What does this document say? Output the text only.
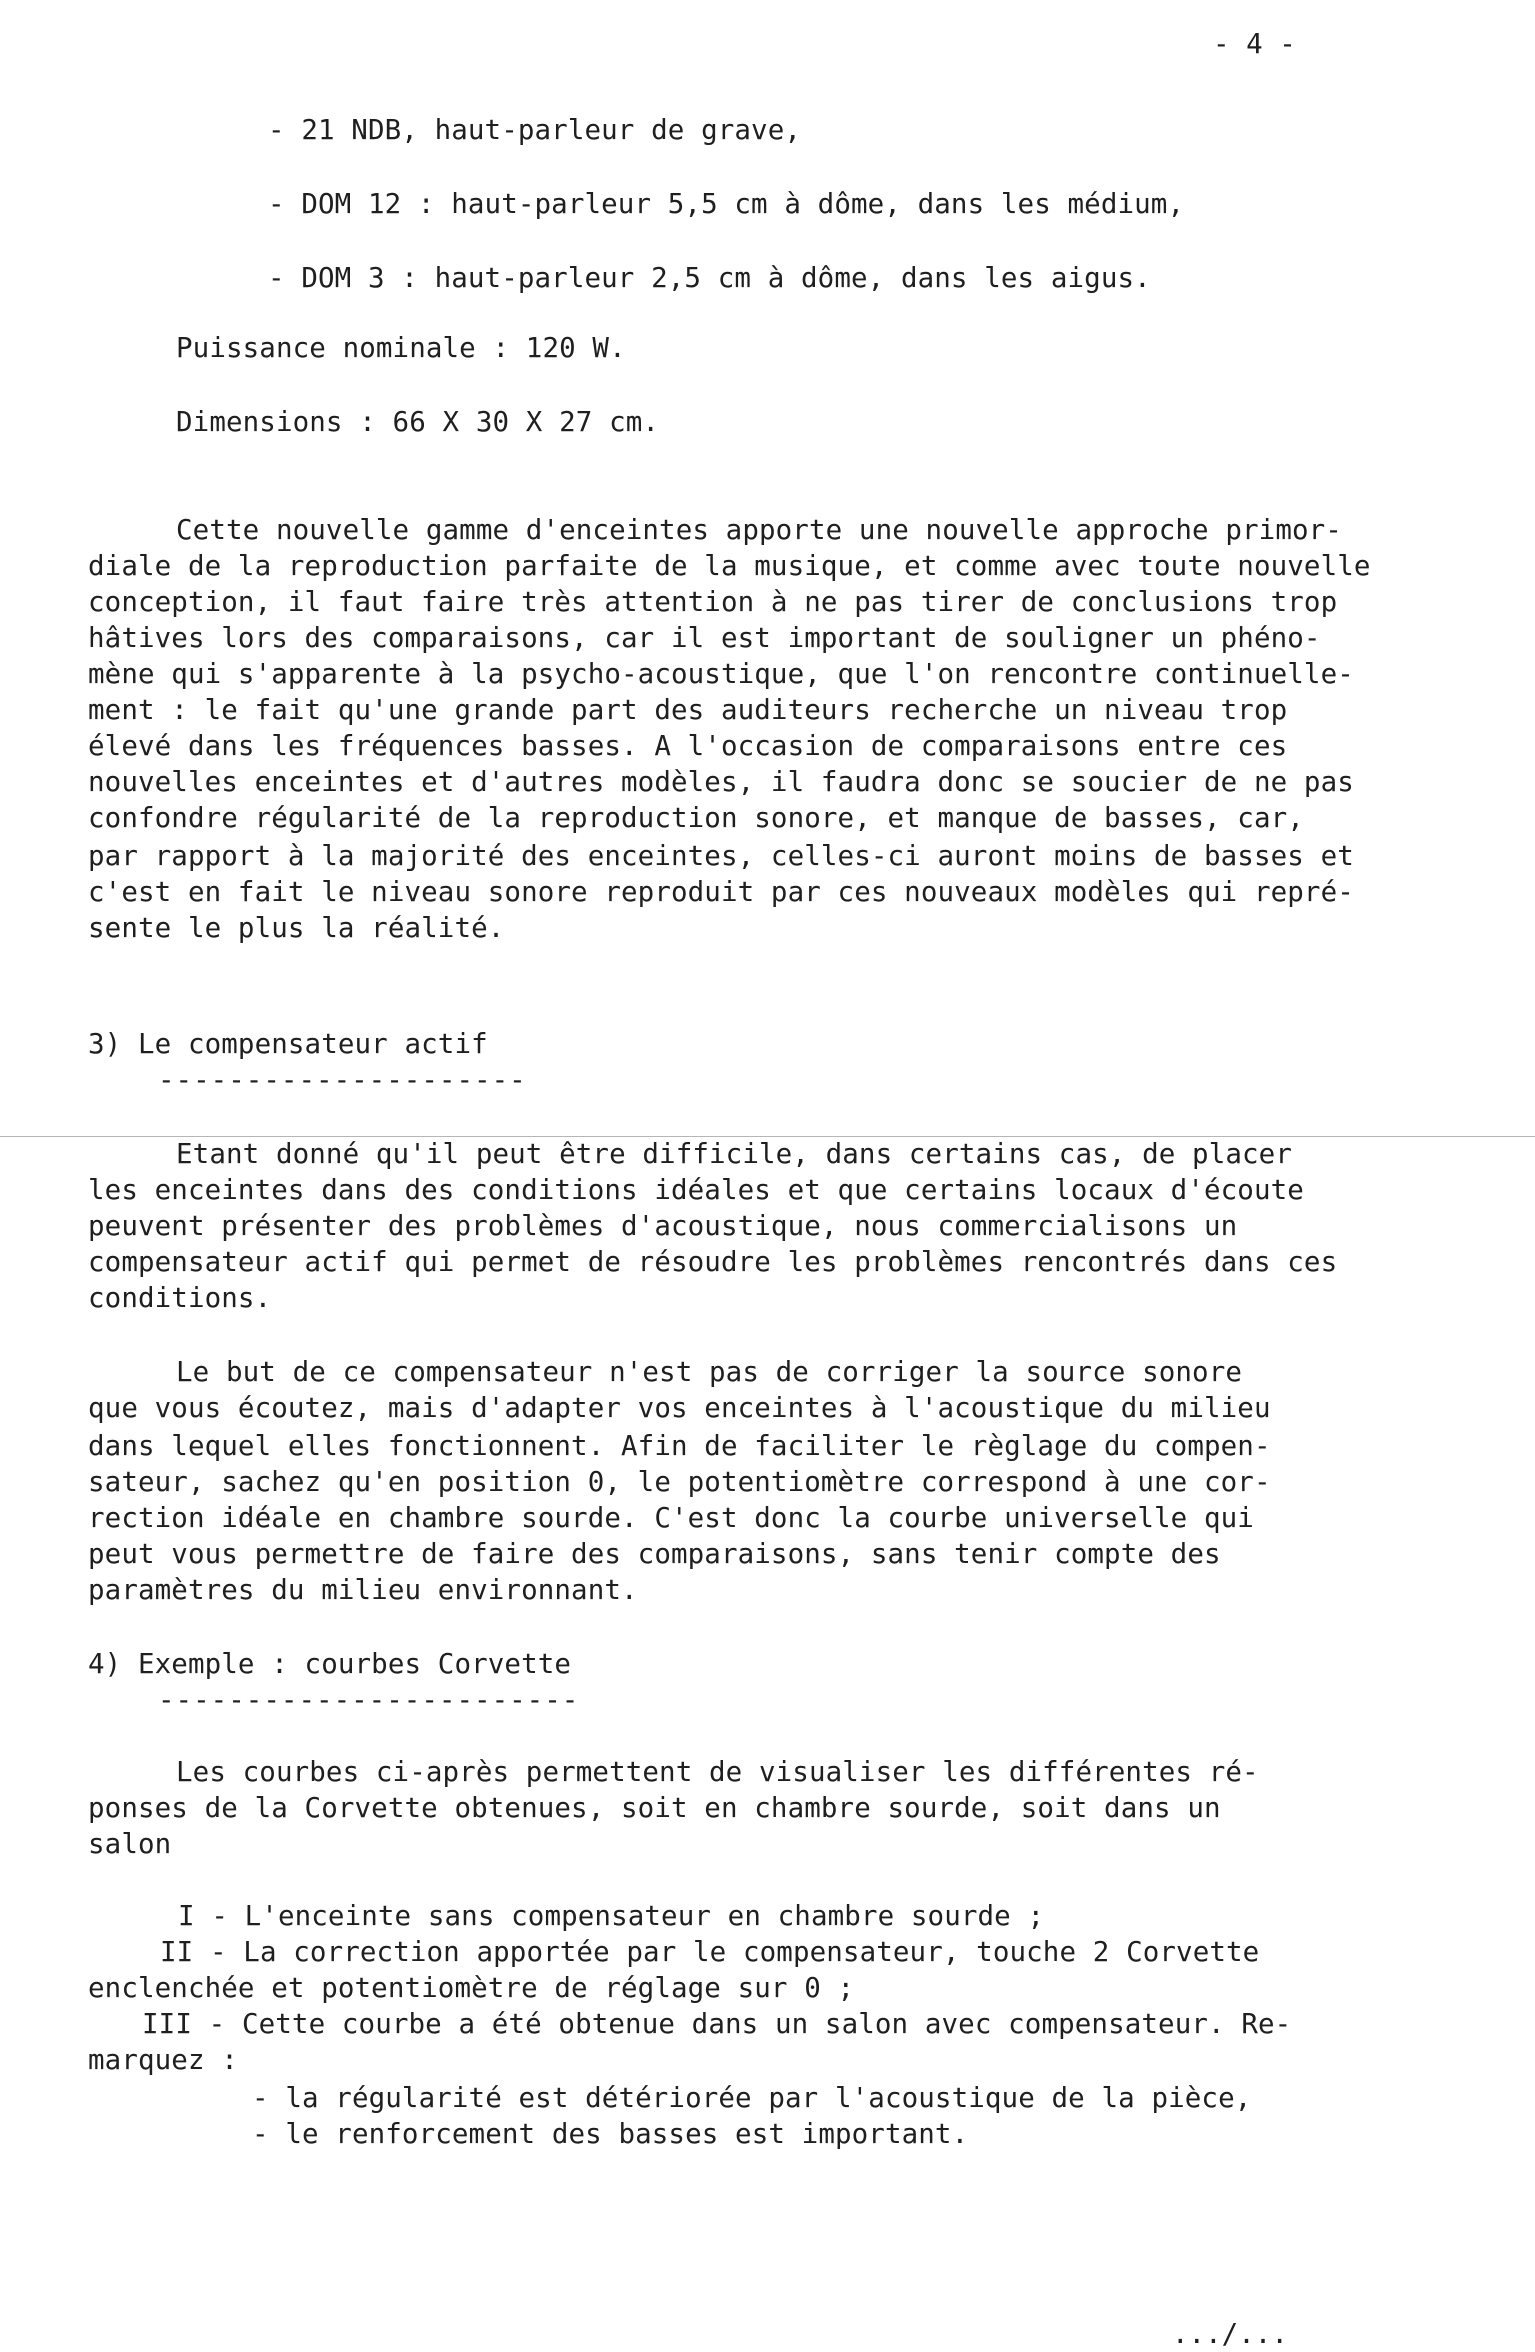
- 4 -
- 21 NDB, haut-parleur de grave,
- DOM 12 : haut-parleur 5,5 cm à dôme, dans les médium,
- DOM 3 : haut-parleur 2,5 cm à dôme, dans les aigus.
Puissance nominale : 120 W.
Dimensions : 66 X 30 X 27 cm.
Cette nouvelle gamme d'enceintes apporte une nouvelle approche primor-
diale de la reproduction parfaite de la musique, et comme avec toute nouvelle
conception, il faut faire très attention à ne pas tirer de conclusions trop
hâtives lors des comparaisons, car il est important de souligner un phéno-
mène qui s'apparente à la psycho-acoustique, que l'on rencontre continuelle-
ment : le fait qu'une grande part des auditeurs recherche un niveau trop
élevé dans les fréquences basses. A l'occasion de comparaisons entre ces
nouvelles enceintes et d'autres modèles, il faudra donc se soucier de ne pas
confondre régularité de la reproduction sonore, et manque de basses, car,
par rapport à la majorité des enceintes, celles-ci auront moins de basses et
c'est en fait le niveau sonore reproduit par ces nouveaux modèles qui repré-
sente le plus la réalité.
3) Le compensateur actif
---------------------
Etant donné qu'il peut être difficile, dans certains cas, de placer
les enceintes dans des conditions idéales et que certains locaux d'écoute
peuvent présenter des problèmes d'acoustique, nous commercialisons un
compensateur actif qui permet de résoudre les problèmes rencontrés dans ces
conditions.
Le but de ce compensateur n'est pas de corriger la source sonore
que vous écoutez, mais d'adapter vos enceintes à l'acoustique du milieu
dans lequel elles fonctionnent. Afin de faciliter le règlage du compen-
sateur, sachez qu'en position 0, le potentiomètre correspond à une cor-
rection idéale en chambre sourde. C'est donc la courbe universelle qui
peut vous permettre de faire des comparaisons, sans tenir compte des
paramètres du milieu environnant.
4) Exemple : courbes Corvette
------------------------
Les courbes ci-après permettent de visualiser les différentes ré-
ponses de la Corvette obtenues, soit en chambre sourde, soit dans un
salon
I - L'enceinte sans compensateur en chambre sourde ;
II - La correction apportée par le compensateur, touche 2 Corvette
enclenchée et potentiomètre de réglage sur 0 ;
III - Cette courbe a été obtenue dans un salon avec compensateur. Re-
marquez :
- la régularité est détériorée par l'acoustique de la pièce,
- le renforcement des basses est important.
.../...
